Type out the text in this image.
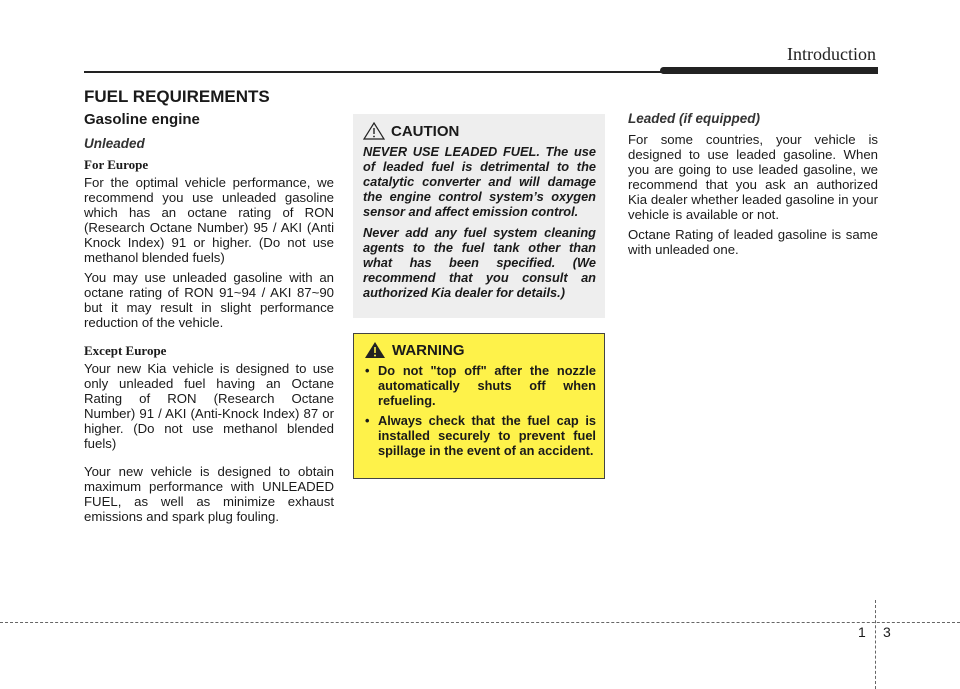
Introduction
FUEL REQUIREMENTS
Gasoline engine
Unleaded
For Europe

For the optimal vehicle performance, we recommend you use unleaded gasoline which has an octane rating of RON (Research Octane Number) 95 / AKI (Anti Knock Index) 91 or higher. (Do not use methanol blended fuels)

You may use unleaded gasoline with an octane rating of RON 91~94 / AKI 87~90 but it may result in slight performance reduction of the vehicle.

Except Europe

Your new Kia vehicle is designed to use only unleaded fuel having an Octane Rating of RON (Research Octane Number) 91 / AKI (Anti-Knock Index) 87 or higher. (Do not use methanol blended fuels)

Your new vehicle is designed to obtain maximum performance with UNLEADED FUEL, as well as minimize exhaust emissions and spark plug fouling.

CAUTION

NEVER USE LEADED FUEL. The use of leaded fuel is detrimental to the catalytic converter and will damage the engine control system’s oxygen sensor and affect emission control.

Never add any fuel system cleaning agents to the fuel tank other than what has been specified. (We recommend that you consult an authorized Kia dealer for details.)

WARNING
• Do not "top off" after the nozzle automatically shuts off when refueling.
• Always check that the fuel cap is installed securely to prevent fuel spillage in the event of an accident.
Leaded (if equipped)

For some countries, your vehicle is designed to use leaded gasoline. When you are going to use leaded gasoline, we recommend that you ask an authorized Kia dealer whether leaded gasoline in your vehicle is available or not.

Octane Rating of leaded gasoline is same with unleaded one.

1 3
